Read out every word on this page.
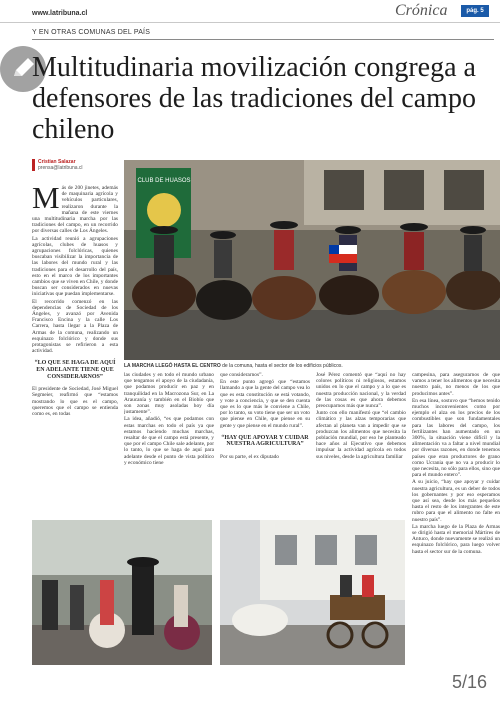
www.latribuna.cl	Crónica	pág. 5
Y EN OTRAS COMUNAS DEL PAÍS
Multitudinaria movilización congrega a defensores de las tradiciones del campo chileno
Cristian Salazar
prensa@latribuna.cl

Más de 200 jinetes, además de maquinaria agrícola y vehículos particulares, realizaron durante la mañana de este viernes una multitudinaria marcha por las tradiciones del campo, en un recorrido por diversas calles de Los Ángeles.

La actividad reunió a agrupaciones agrícolas, clubes de huasos y agrupaciones folclóricas, quienes buscaban visibilizar la importancia de las labores del mundo rural y las tradiciones para el desarrollo del país, esto en el marco de los importantes cambios que se viven en Chile, y donde buscan ser considerados en nuevas iniciativas que puedan implementarse.

El recorrido comenzó en las dependencias de Sociedad de los Ángeles, y avanzó por Avenida Francisco Encina y la calle Los Carrera, hasta llegar a la Plaza de Armas de la comuna, realizando un esquinazo folclórico y donde sus protagonistas se refirieron a esta actividad.

“LO QUE SE HAGA DE AQUÍ EN ADELANTE TIENE QUE CONSIDERARNOS”

El presidente de Sociedad, José Miguel Segmeier, reafirmó que “estamos mostrando lo que es el campo, queremos que el campo se entienda como es, en todas

CLUB DE HUASOS
LA MARCHA LLEGÓ HASTA EL CENTRO de la comuna, hasta el sector de los edificios públicos.

las ciudades y en todo el mundo urbano que tengamos el apoyo de la ciudadanía, que podamos producir en paz y en tranquilidad en la Macrozona Sur, en La Araucanía y también en el Biobío que son zonas muy asoladas hoy día justamente”.

La idea, añadió, “es que podamos con estas marchas en todo el país ya que estamos haciendo muchas marchas, resaltar de que el campo está presente, y que por el campo Chile sale adelante, por lo tanto, lo que se haga de aquí para adelante desde el punto de vista político y económico tiene

que considerarnos”.

En este punto agregó que “estamos llamando a que la gente del campo vea lo que es esta constitución se está votando, y vote a conciencia, y que se den cuenta que es lo que más le conviene a Chile, por lo tanto, su voto tiene que ser un voto que piense en Chile, que piense en su gente y que piense en el mundo rural”.

“HAY QUE APOYAR Y CUIDAR NUESTRA AGRICULTURA”

Por su parte, el ex diputado

José Pérez comentó que “aquí no hay colores políticos ni religiosos, estamos unidos en lo que el campo y a lo que es nuestra producción nacional, y la verdad de las cosas es que ahora debemos preocuparnos más que nunca”.

Junto con ello manifestó que “el cambio climático y las alzas temporarias que afectan al planeta van a impedir que se produzcan los alimentos que necesita la población mundial, por eso he planteado hace años al Ejecutivo que debemos impulsar la actividad agrícola en todos sus niveles, desde la agricultura familiar

campesina, para asegurarnos de que vamos a tener los alimentos que necesita nuestro país, no menos de los que producimos antes”.

En esa línea, sostuvo que “hemos tenido muchos inconvenientes como por ejemplo el alza en los precios de los combustibles que son fundamentales para las labores del campo, los fertilizantes han aumentado en un 300%, la situación viene difícil y la alimentación va a faltar a nivel mundial por diversas razones, en donde tenemos países que eran productores de grano como Ucrania que no va a producir lo que necesita, no sólo para ellos, sino que para el mundo entero”.

A su juicio, “hay que apoyar y cuidar nuestra agricultura, es un deber de todos los gobernantes y por eso esperamos que así sea, desde los más pequeños hasta el resto de los integrantes de este rubro para que el alimento no falte en nuestro país”.

La marcha luego de la Plaza de Armas se dirigió hasta el memorial Mártires de Antuco, donde nuevamente se realizó un esquinazo folclórico, para luego volver hasta el sector sur de la comuna.

5/16
